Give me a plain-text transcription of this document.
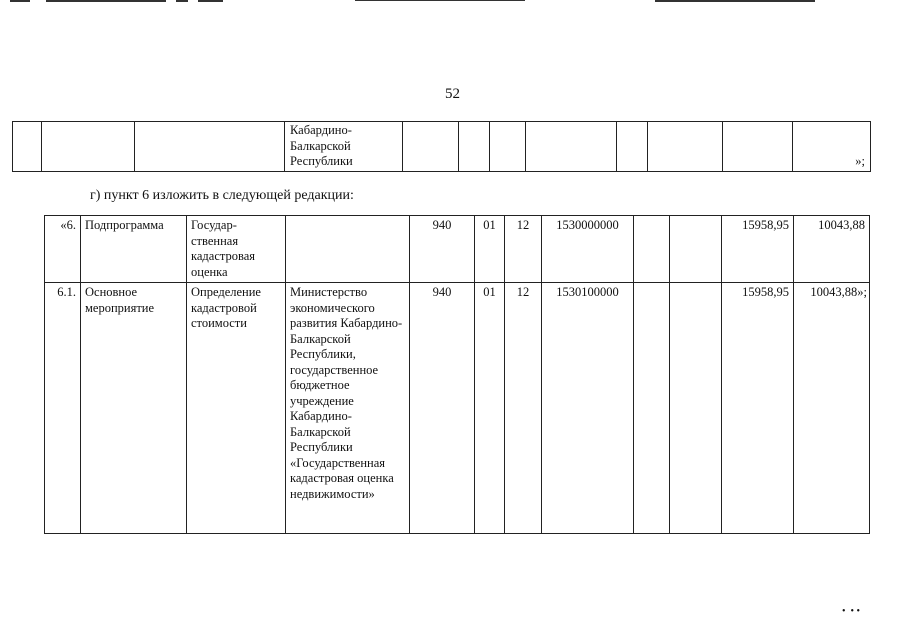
52
			Кабардино-Балкарской Республики								»;
г) пункт 6 изложить в следующей редакции:
«6.	Подпрограмма	Государ-ственная кадастровая оценка		940	01	12	1530000000			15958,95	10043,88
6.1.	Основное мероприятие	Определение кадастровой стоимости	Министерство экономического развития Кабардино-Балкарской Республики, государственное бюджетное учреждение Кабардино-Балкарской Республики «Государственная кадастровая оценка недвижимости»	940	01	12	1530100000			15958,95	10043,88»;
•  • •
